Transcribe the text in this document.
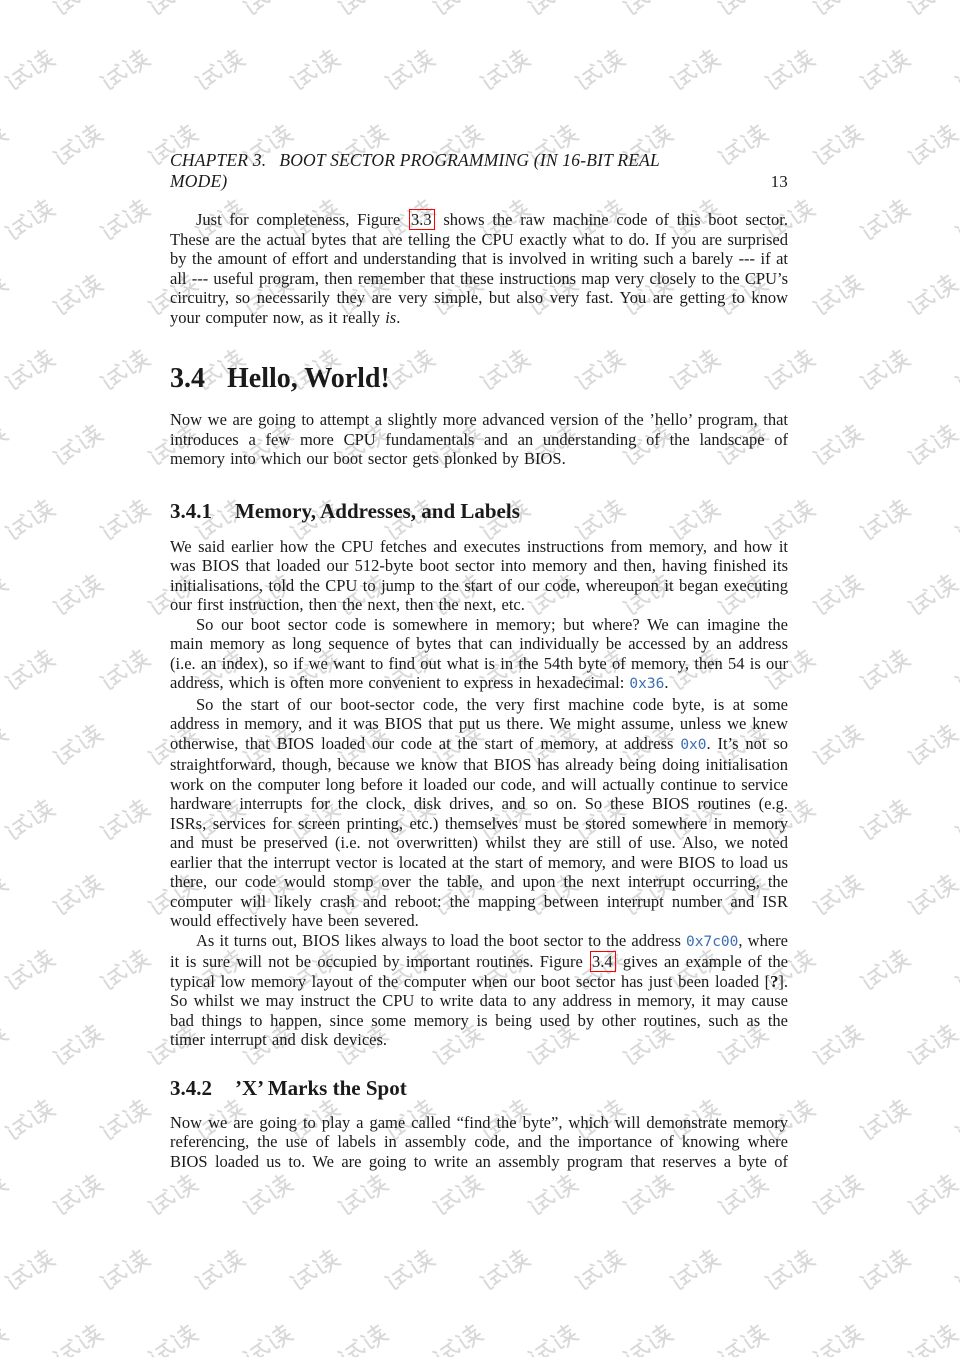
CHAPTER 3. BOOT SECTOR PROGRAMMING (IN 16-BIT REAL
MODE)	13

Just for completeness, Figure 3.3 shows the raw machine code of this boot sector. These are the actual bytes that are telling the CPU exactly what to do. If you are surprised by the amount of effort and understanding that is involved in writing such a barely --- if at all --- useful program, then remember that these instructions map very closely to the CPU’s circuitry, so necessarily they are very simple, but also very fast. You are getting to know your computer now, as it really is.

3.4 Hello, World!

Now we are going to attempt a slightly more advanced version of the ’hello’ program, that introduces a few more CPU fundamentals and an understanding of the landscape of memory into which our boot sector gets plonked by BIOS.

3.4.1 Memory, Addresses, and Labels

We said earlier how the CPU fetches and executes instructions from memory, and how it was BIOS that loaded our 512-byte boot sector into memory and then, having finished its initialisations, told the CPU to jump to the start of our code, whereupon it began executing our first instruction, then the next, then the next, etc.

So our boot sector code is somewhere in memory; but where? We can imagine the main memory as long sequence of bytes that can individually be accessed by an address (i.e. an index), so if we want to find out what is in the 54th byte of memory, then 54 is our address, which is often more convenient to express in hexadecimal: 0x36.

So the start of our boot-sector code, the very first machine code byte, is at some address in memory, and it was BIOS that put us there. We might assume, unless we knew otherwise, that BIOS loaded our code at the start of memory, at address 0x0. It’s not so straightforward, though, because we know that BIOS has already being doing initialisation work on the computer long before it loaded our code, and will actually continue to service hardware interrupts for the clock, disk drives, and so on. So these BIOS routines (e.g. ISRs, services for screen printing, etc.) themselves must be stored somewhere in memory and must be preserved (i.e. not overwritten) whilst they are still of use. Also, we noted earlier that the interrupt vector is located at the start of memory, and were BIOS to load us there, our code would stomp over the table, and upon the next interrupt occurring, the computer will likely crash and reboot: the mapping between interrupt number and ISR would effectively have been severed.

As it turns out, BIOS likes always to load the boot sector to the address 0x7c00, where it is sure will not be occupied by important routines. Figure 3.4 gives an example of the typical low memory layout of the computer when our boot sector has just been loaded [?]. So whilst we may instruct the CPU to write data to any address in memory, it may cause bad things to happen, since some memory is being used by other routines, such as the timer interrupt and disk devices.

3.4.2 ’X’ Marks the Spot

Now we are going to play a game called “find the byte”, which will demonstrate memory referencing, the use of labels in assembly code, and the importance of knowing where BIOS loaded us to. We are going to write an assembly program that reserves a byte of
